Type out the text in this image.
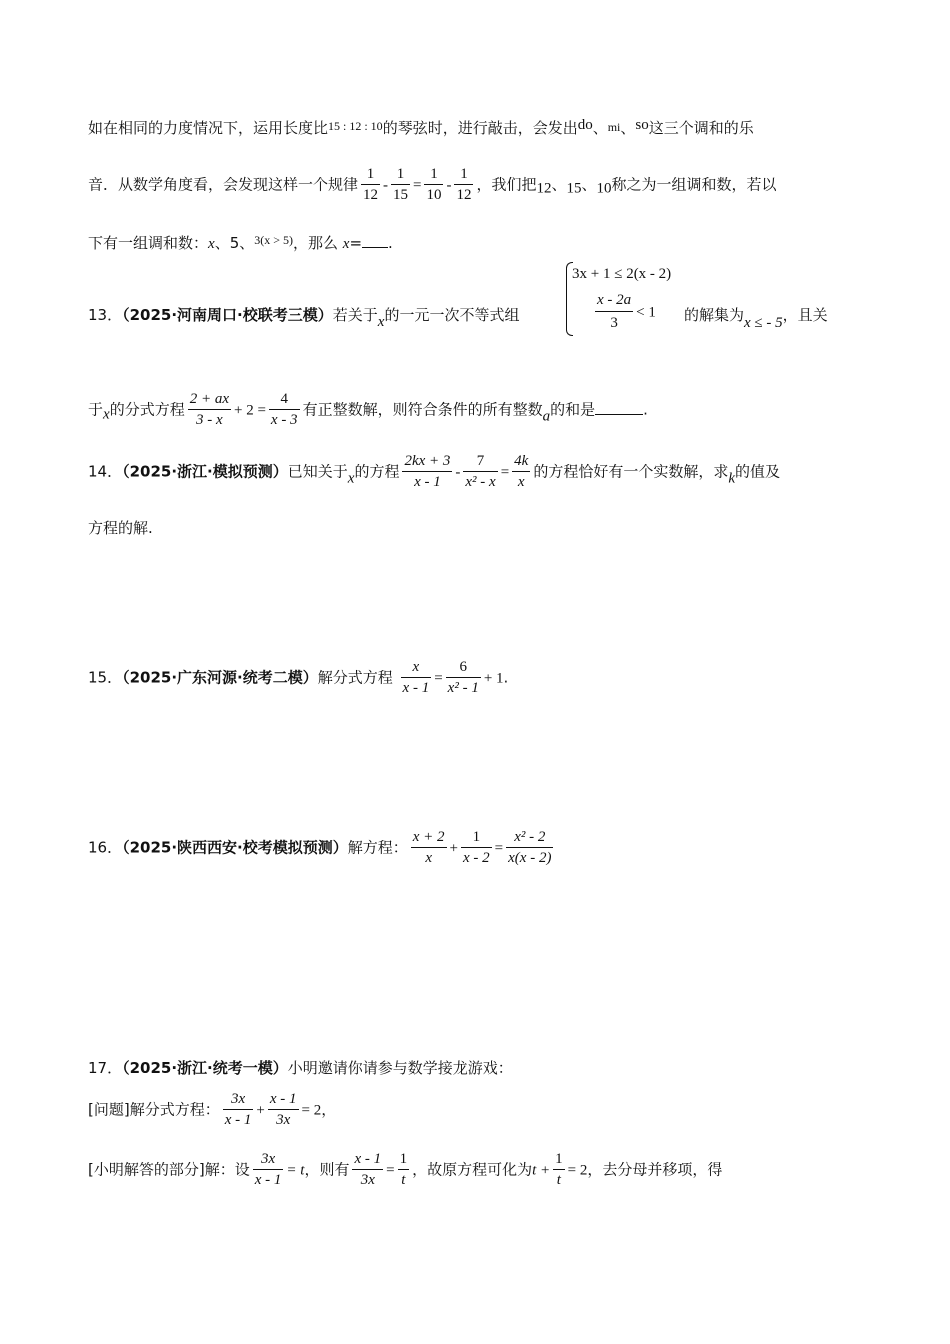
如在相同的力度情况下，运用长度比$^{15 : 12 : 10}$的琴弦时，进行敲击，会发出do、mi、so这三个调和的乐
音．从数学角度看，会发现这样一个规律 $\frac{1}{12} - \frac{1}{15} = \frac{1}{10} - \frac{1}{12}$ ，我们把12、15、10称之为一组调和数，若以
下有一组调和数：x、5、$^{3(x > 5)}$，那么 x= .
13．（2025·河南周口·校联考三模）若关于x的一元一次不等式组
3x + 1 ≤ 2(x - 2)
$\frac{x - 2a}{3} < 1$ 的解集为x ≤ - 5，且关
于x的分式方程 $\frac{2 + ax}{3 - x} + 2 = \frac{4}{x - 3}$ 有正整数解，则符合条件的所有整数a的和是	.
14．（2025·浙江·模拟预测）已知关于x的方程 $\frac{2kx + 3}{x - 1} - \frac{7}{\text{x² - x}} = \frac{4k}{x}$ 的方程恰好有一个实数解，求k的值及
方程的解.
15．（2025·广东河源·统考二模）解分式方程 $\frac{x}{x - 1} = \frac{6}{\text{x² - 1}} + 1$.
16．（2025·陕西西安·校考模拟预测）解方程： $\frac{x + 2}{x} + \frac{1}{x - 2} = \frac{\text{x² - 2}}{x(x - 2)}$
17．（2025·浙江·统考一模）小明邀请你请参与数学接龙游戏：
[问题]解分式方程： $\frac{3x}{x - 1} + \frac{x - 1}{3x} = 2$，
[小明解答的部分]解：设 $\frac{3x}{x - 1} = t$，则有 $\frac{x - 1}{3x} = \frac{1}{t}$ ，故原方程可化为$t + \frac{1}{t} = 2$，去分母并移项，得
